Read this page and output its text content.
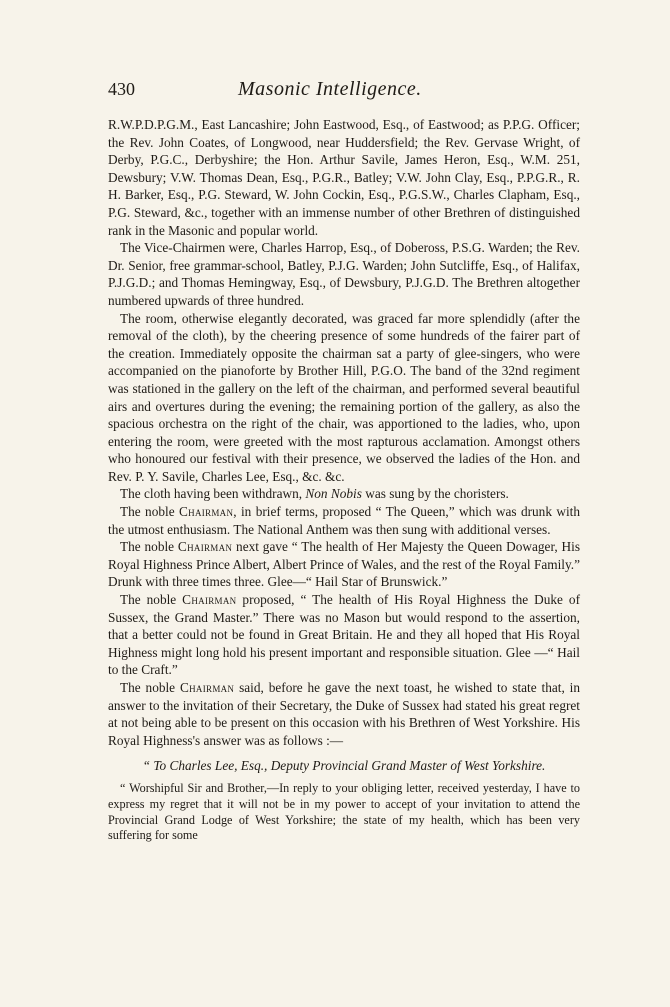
430	Masonic Intelligence.

R.W.P.D.P.G.M., East Lancashire; John Eastwood, Esq., of Eastwood; as P.P.G. Officer; the Rev. John Coates, of Longwood, near Huddersfield; the Rev. Gervase Wright, of Derby, P.G.C., Derbyshire; the Hon. Arthur Savile, James Heron, Esq., W.M. 251, Dewsbury; V.W. Thomas Dean, Esq., P.G.R., Batley; V.W. John Clay, Esq., P.P.G.R., R. H. Barker, Esq., P.G. Steward, W. John Cockin, Esq., P.G.S.W., Charles Clapham, Esq., P.G. Steward, &c., together with an immense number of other Brethren of distinguished rank in the Masonic and popular world.

The Vice-Chairmen were, Charles Harrop, Esq., of Dobeross, P.S.G. Warden; the Rev. Dr. Senior, free grammar-school, Batley, P.J.G. Warden; John Sutcliffe, Esq., of Halifax, P.J.G.D.; and Thomas Hemingway, Esq., of Dewsbury, P.J.G.D. The Brethren altogether numbered upwards of three hundred.

The room, otherwise elegantly decorated, was graced far more splendidly (after the removal of the cloth), by the cheering presence of some hundreds of the fairer part of the creation. Immediately opposite the chairman sat a party of glee-singers, who were accompanied on the pianoforte by Brother Hill, P.G.O. The band of the 32nd regiment was stationed in the gallery on the left of the chairman, and performed several beautiful airs and overtures during the evening; the remaining portion of the gallery, as also the spacious orchestra on the right of the chair, was apportioned to the ladies, who, upon entering the room, were greeted with the most rapturous acclamation. Amongst others who honoured our festival with their presence, we observed the ladies of the Hon. and Rev. P. Y. Savile, Charles Lee, Esq., &c. &c.

The cloth having been withdrawn, Non Nobis was sung by the choristers.

The noble Chairman, in brief terms, proposed “ The Queen,” which was drunk with the utmost enthusiasm. The National Anthem was then sung with additional verses.

The noble Chairman next gave “ The health of Her Majesty the Queen Dowager, His Royal Highness Prince Albert, Albert Prince of Wales, and the rest of the Royal Family.” Drunk with three times three. Glee—“ Hail Star of Brunswick.”

The noble Chairman proposed, “ The health of His Royal Highness the Duke of Sussex, the Grand Master.” There was no Mason but would respond to the assertion, that a better could not be found in Great Britain. He and they all hoped that His Royal Highness might long hold his present important and responsible situation. Glee —“ Hail to the Craft.”

The noble Chairman said, before he gave the next toast, he wished to state that, in answer to the invitation of their Secretary, the Duke of Sussex had stated his great regret at not being able to be present on this occasion with his Brethren of West Yorkshire. His Royal Highness's answer was as follows :—

“ To Charles Lee, Esq., Deputy Provincial Grand Master of West Yorkshire.

“ Worshipful Sir and Brother,—In reply to your obliging letter, received yesterday, I have to express my regret that it will not be in my power to accept of your invitation to attend the Provincial Grand Lodge of West Yorkshire; the state of my health, which has been very suffering for some
